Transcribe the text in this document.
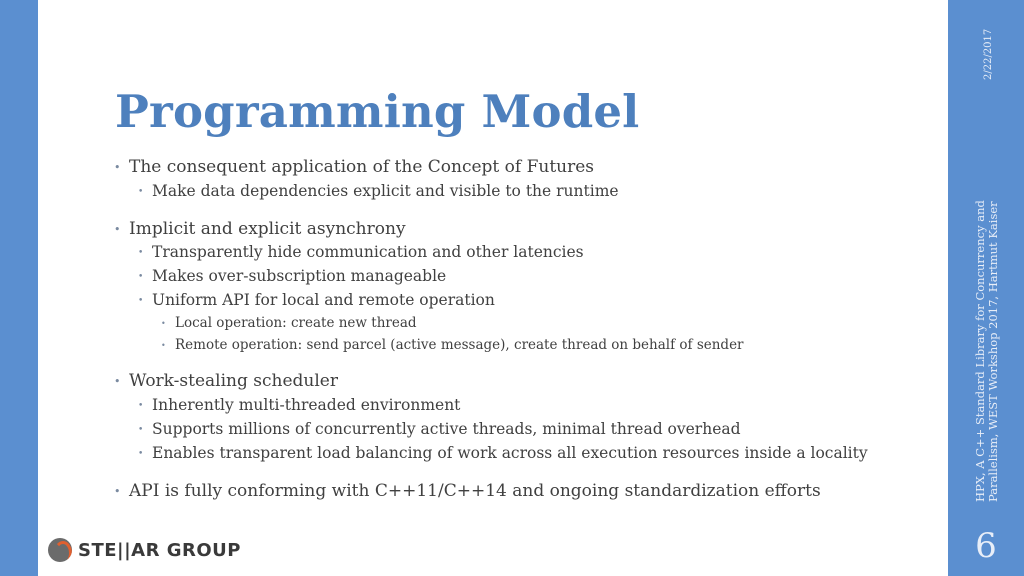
2/22/2017
HPX, A C++ Standard Library for Concurrency and Parallelism, WEST Workshop 2017, Hartmut Kaiser
6
Programming Model
• The consequent application of the Concept of Futures
• Make data dependencies explicit and visible to the runtime
• Implicit and explicit asynchrony
• Transparently hide communication and other latencies
• Makes over-subscription manageable
• Uniform API for local and remote operation
• Local operation: create new thread
• Remote operation: send parcel (active message), create thread on behalf of sender
• Work-stealing scheduler
• Inherently multi-threaded environment
• Supports millions of concurrently active threads, minimal thread overhead
• Enables transparent load balancing of work across all execution resources inside a locality
• API is fully conforming with C++11/C++14 and ongoing standardization efforts
STE||AR GROUP
